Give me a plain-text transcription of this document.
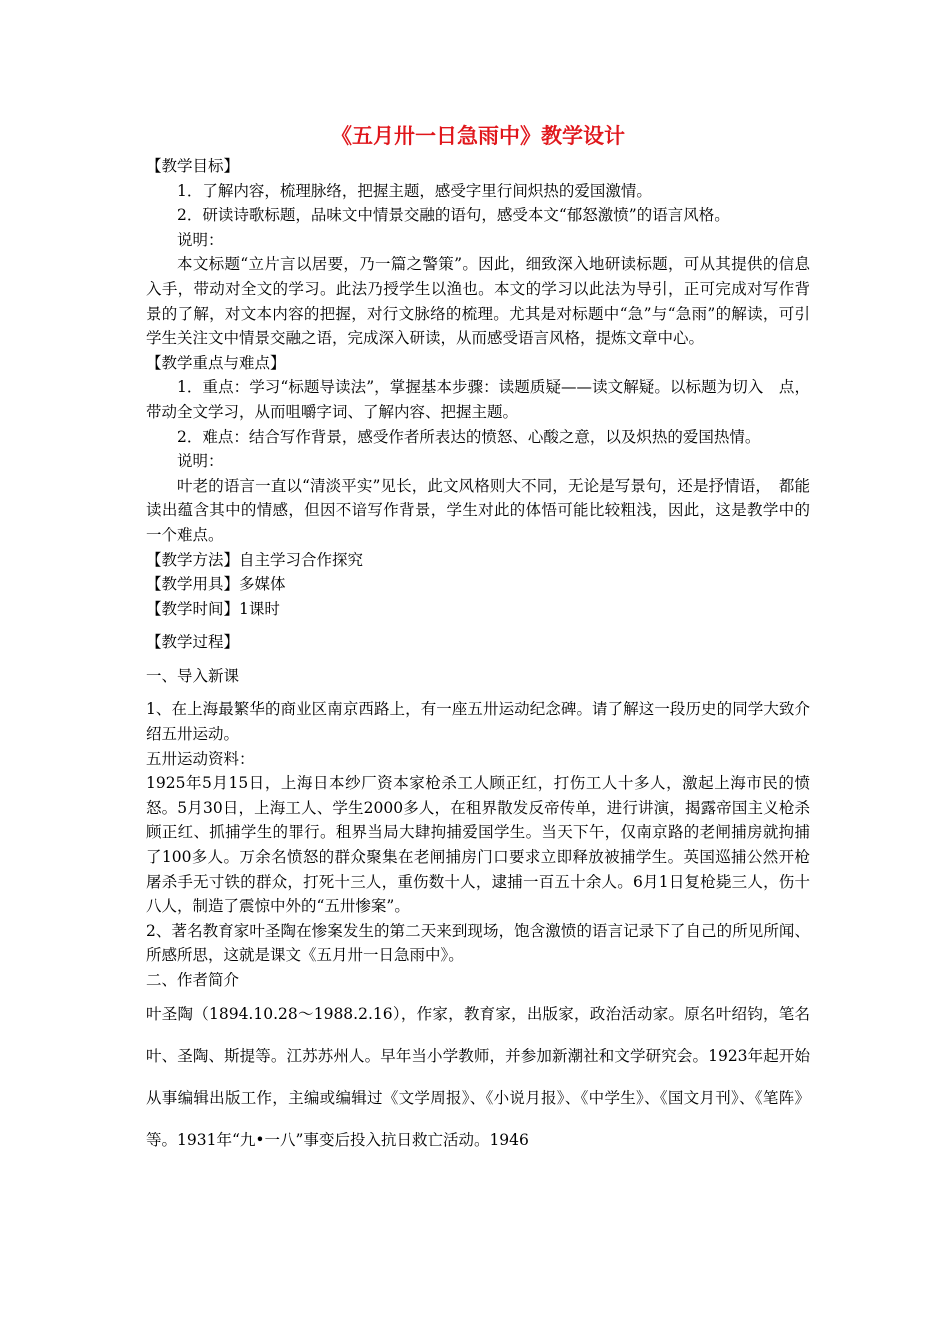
《五月卅一日急雨中》教学设计

【教学目标】

1．了解内容，梳理脉络，把握主题，感受字里行间炽热的爱国激情。

2．研读诗歌标题，品味文中情景交融的语句，感受本文“郁怒激愤”的语言风格。

说明：

本文标题“立片言以居要，乃一篇之警策”。因此，细致深入地研读标题，可从其提供的信息入手，带动对全文的学习。此法乃授学生以渔也。本文的学习以此法为导引，正可完成对写作背景的了解，对文本内容的把握，对行文脉络的梳理。尤其是对标题中“急”与“急雨”的解读，可引学生关注文中情景交融之语，完成深入研读，从而感受语言风格，提炼文章中心。

【教学重点与难点】

1．重点：学习“标题导读法”，掌握基本步骤：读题质疑——读文解疑。以标题为切入　点，带动全文学习，从而咀嚼字词、了解内容、把握主题。

2．难点：结合写作背景，感受作者所表达的愤怒、心酸之意，以及炽热的爱国热情。

说明：

叶老的语言一直以“清淡平实”见长，此文风格则大不同，无论是写景句，还是抒情语，　都能读出蕴含其中的情感，但因不谙写作背景，学生对此的体悟可能比较粗浅，因此，这是教学中的一个难点。

【教学方法】自主学习合作探究

【教学用具】多媒体

【教学时间】1课时

【教学过程】

一、导入新课

1、在上海最繁华的商业区南京西路上，有一座五卅运动纪念碑。请了解这一段历史的同学大致介绍五卅运动。

五卅运动资料：

1925年5月15日，上海日本纱厂资本家枪杀工人顾正红，打伤工人十多人，激起上海市民的愤怒。5月30日，上海工人、学生2000多人，在租界散发反帝传单，进行讲演，揭露帝国主义枪杀顾正红、抓捕学生的罪行。租界当局大肆拘捕爱国学生。当天下午，仅南京路的老闸捕房就拘捕了100多人。万余名愤怒的群众聚集在老闸捕房门口要求立即释放被捕学生。英国巡捕公然开枪屠杀手无寸铁的群众，打死十三人，重伤数十人，逮捕一百五十余人。6月1日复枪毙三人，伤十八人，制造了震惊中外的“五卅惨案”。

2、著名教育家叶圣陶在惨案发生的第二天来到现场，饱含激愤的语言记录下了自己的所见所闻、所感所思，这就是课文《五月卅一日急雨中》。

二、作者简介

叶圣陶（1894.10.28～1988.2.16），作家，教育家，出版家，政治活动家。原名叶绍钧，笔名叶、圣陶、斯提等。江苏苏州人。早年当小学教师，并参加新潮社和文学研究会。1923年起开始从事编辑出版工作，主编或编辑过《文学周报》、《小说月报》、《中学生》、《国文月刊》、《笔阵》等。1931年“九•一八”事变后投入抗日救亡活动。1946
